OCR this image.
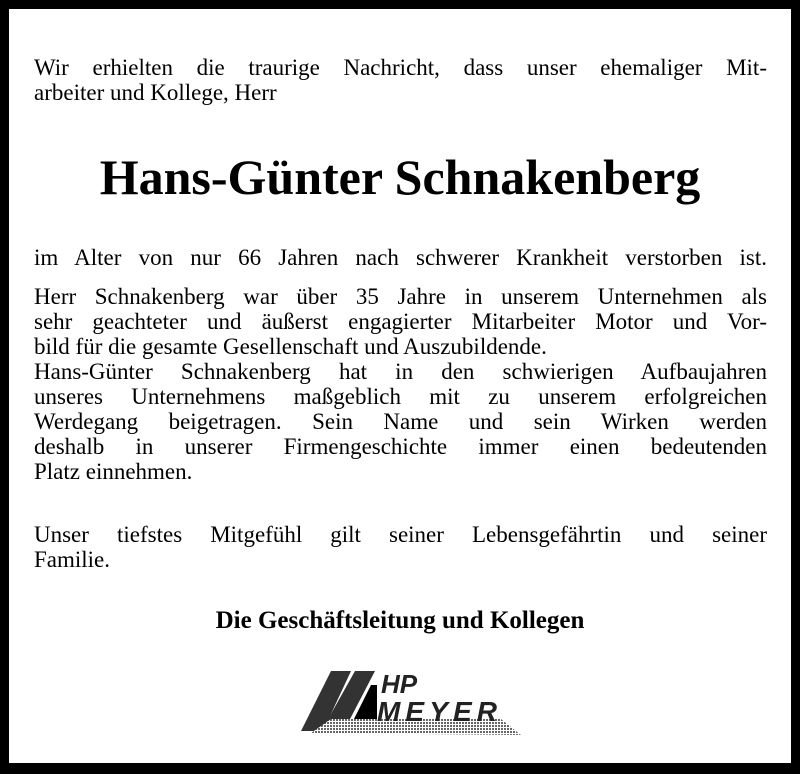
Wir erhielten die traurige Nachricht, dass unser ehemaliger Mit-
arbeiter und Kollege, Herr
Hans-Günter Schnakenberg
im Alter von nur 66 Jahren nach schwerer Krankheit verstorben ist.
Herr Schnakenberg war über 35 Jahre in unserem Unternehmen als
sehr geachteter und äußerst engagierter Mitarbeiter Motor und Vor-
bild für die gesamte Gesellenschaft und Auszubildende.
Hans-Günter Schnakenberg hat in den schwierigen Aufbaujahren
unseres Unternehmens maßgeblich mit zu unserem erfolgreichen
Werdegang beigetragen. Sein Name und sein Wirken werden
deshalb in unserer Firmengeschichte immer einen bedeutenden
Platz einnehmen.
Unser tiefstes Mitgefühl gilt seiner Lebensgefährtin und seiner
Familie.
Die Geschäftsleitung und Kollegen
HP
MEYER
